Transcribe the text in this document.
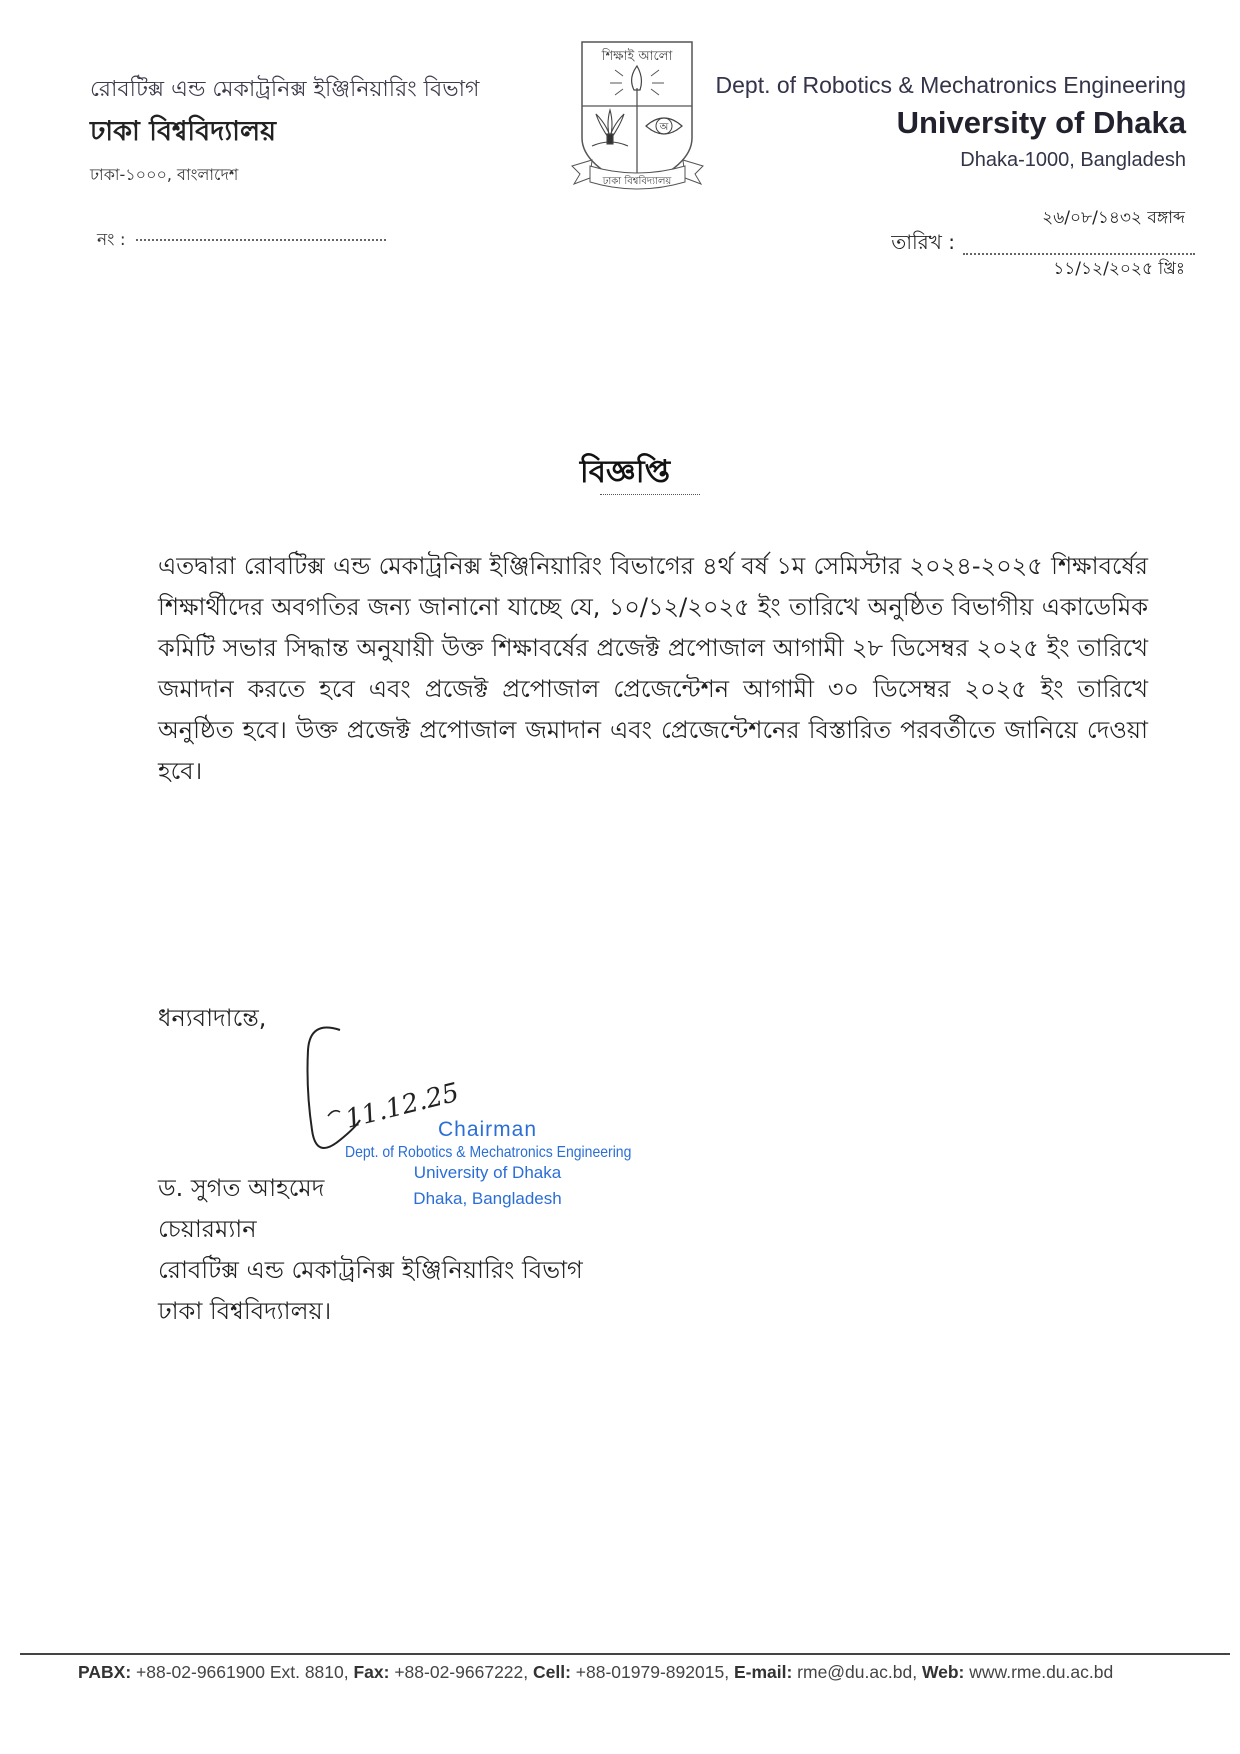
রোবটিক্স এন্ড মেকাট্রনিক্স ইঞ্জিনিয়ারিং বিভাগ
ঢাকা বিশ্ববিদ্যালয়
ঢাকা-১০০০, বাংলাদেশ
শিক্ষাই আলো
অ
ঢাকা বিশ্ববিদ্যালয়
Dept. of Robotics & Mechatronics Engineering
University of Dhaka
Dhaka-1000, Bangladesh
নং :
২৬/০৮/১৪৩২ বঙ্গাব্দ
তারিখ :
১১/১২/২০২৫ খ্রিঃ
বিজ্ঞপ্তি
এতদ্বারা রোবটিক্স এন্ড মেকাট্রনিক্স ইঞ্জিনিয়ারিং বিভাগের ৪র্থ বর্ষ ১ম সেমিস্টার ২০২৪-২০২৫ শিক্ষাবর্ষের শিক্ষার্থীদের অবগতির জন্য জানানো যাচ্ছে যে, ১০/১২/২০২৫ ইং তারিখে অনুষ্ঠিত বিভাগীয় একাডেমিক কমিটি সভার সিদ্ধান্ত অনুযায়ী উক্ত শিক্ষাবর্ষের প্রজেক্ট প্রপোজাল আগামী ২৮ ডিসেম্বর ২০২৫ ইং তারিখে জমাদান করতে হবে এবং প্রজেক্ট প্রপোজাল প্রেজেন্টেশন আগামী ৩০ ডিসেম্বর ২০২৫ ইং তারিখে অনুষ্ঠিত হবে। উক্ত প্রজেক্ট প্রপোজাল জমাদান এবং প্রেজেন্টেশনের বিস্তারিত পরবর্তীতে জানিয়ে দেওয়া হবে।
ধন্যবাদান্তে,
11.12.25
Chairman
Dept. of Robotics & Mechatronics Engineering
University of Dhaka
Dhaka, Bangladesh
ড. সুগত আহমেদ
চেয়ারম্যান
রোবটিক্স এন্ড মেকাট্রনিক্স ইঞ্জিনিয়ারিং বিভাগ
ঢাকা বিশ্ববিদ্যালয়।
PABX: +88-02-9661900 Ext. 8810, Fax: +88-02-9667222, Cell: +88-01979-892015, E-mail: rme@du.ac.bd, Web: www.rme.du.ac.bd
